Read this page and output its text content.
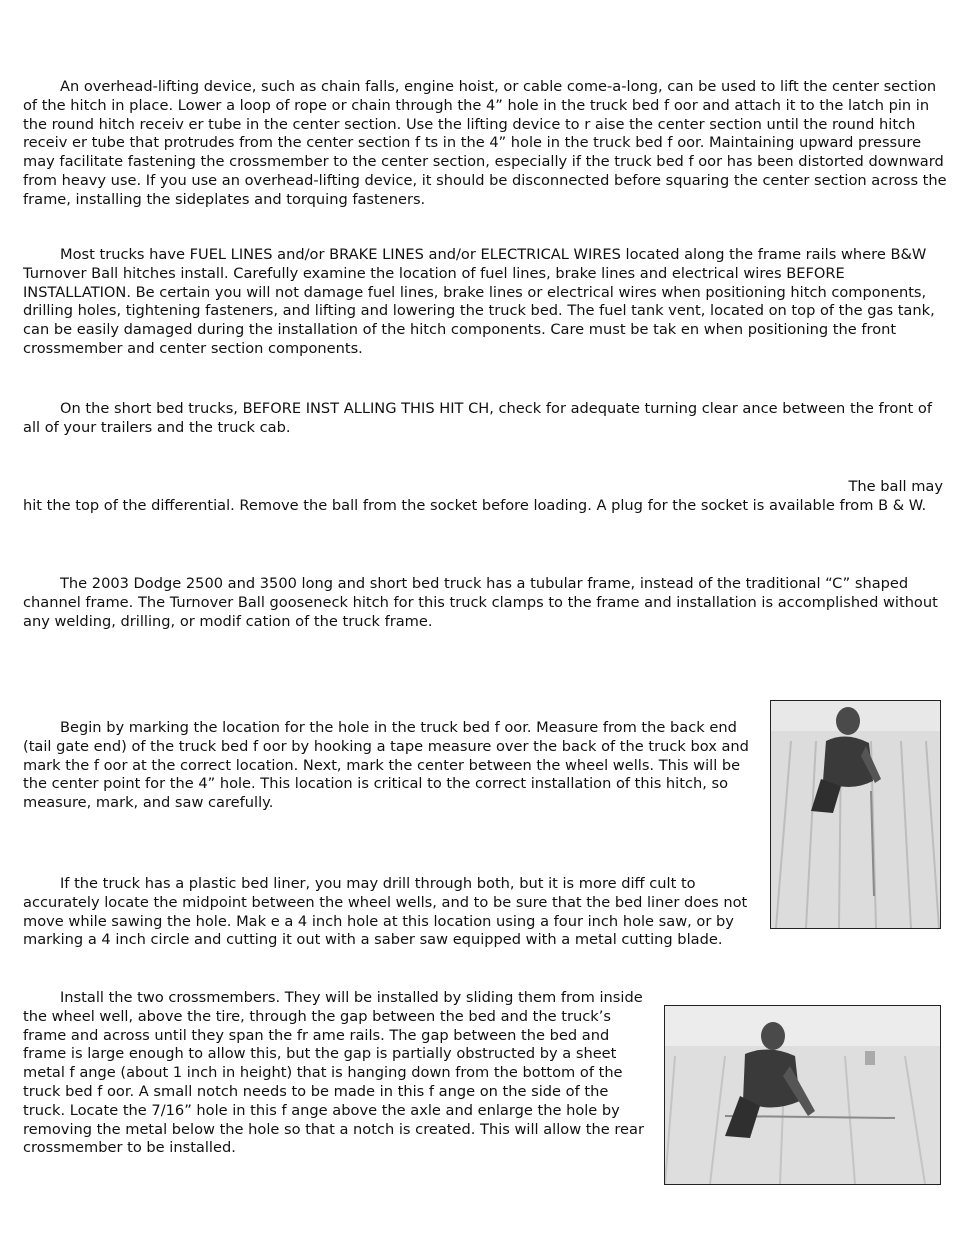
An overhead-lifting device, such as chain falls, engine hoist, or cable come-a-long, can be used to lift the center section of the hitch in place. Lower a loop of rope or chain through the 4” hole in the truck bed f oor and attach it to the latch pin in the round hitch receiv er tube in the center section. Use the lifting device to r aise the center section until the round hitch receiv er tube that protrudes from the center section f ts in the 4” hole in the truck bed f oor. Maintaining upward pressure may facilitate fastening the crossmember to the center section, especially if the truck bed f oor has been distorted downward from heavy use. If you use an overhead-lifting device, it should be disconnected before squaring the center section across the frame, installing the sideplates and torquing fasteners.

Most trucks have FUEL LINES and/or BRAKE LINES and/or ELECTRICAL WIRES located along the frame rails where B&W Turnover Ball hitches install. Carefully examine the location of fuel lines, brake lines and electrical wires BEFORE INSTALLATION. Be certain you will not damage fuel lines, brake lines or electrical wires when positioning hitch components, drilling holes, tightening fasteners, and lifting and lowering the truck bed. The fuel tank vent, located on top of the gas tank, can be easily damaged during the installation of the hitch components. Care must be tak en when positioning the front crossmember and center section components.

On the short bed trucks, BEFORE INST ALLING THIS HIT CH, check for adequate turning clear ance between the front of all of your trailers and the truck cab.

The ball may

hit the top of the differential. Remove the ball from the socket before loading. A plug for the socket is available from B & W.

The 2003 Dodge 2500 and 3500 long and short bed truck has a tubular frame, instead of the traditional “C” shaped channel frame. The Turnover Ball gooseneck hitch for this truck clamps to the frame and installation is accomplished without any welding, drilling, or modif cation of the truck frame.

Begin by marking the location for the hole in the truck bed f oor. Measure from the back end (tail gate end) of the truck bed f oor by hooking a tape measure over the back of the truck box and mark the f oor at the correct location. Next, mark the center between the wheel wells. This will be the center point for the 4” hole. This location is critical to the correct installation of this hitch, so measure, mark, and saw carefully.

If the truck has a plastic bed liner, you may drill through both, but it is more diff cult to accurately locate the midpoint between the wheel wells, and to be sure that the bed liner does not move while sawing the hole. Mak e a 4 inch hole at this location using a four inch hole saw, or by marking a 4 inch circle and cutting it out with a saber saw equipped with a metal cutting blade.

Install the two crossmembers. They will be installed by sliding them from inside the wheel well, above the tire, through the gap between the bed and the truck’s frame and across until they span the fr ame rails. The gap between the bed and frame is large enough to allow this, but the gap is partially obstructed by a sheet metal f ange (about 1 inch in height) that is hanging down from the bottom of the truck bed f oor. A small notch needs to be made in this f ange on the side of the truck. Locate the 7/16” hole in this f ange above the axle and enlarge the hole by removing the metal below the hole so that a notch is created. This will allow the rear crossmember to be installed.
